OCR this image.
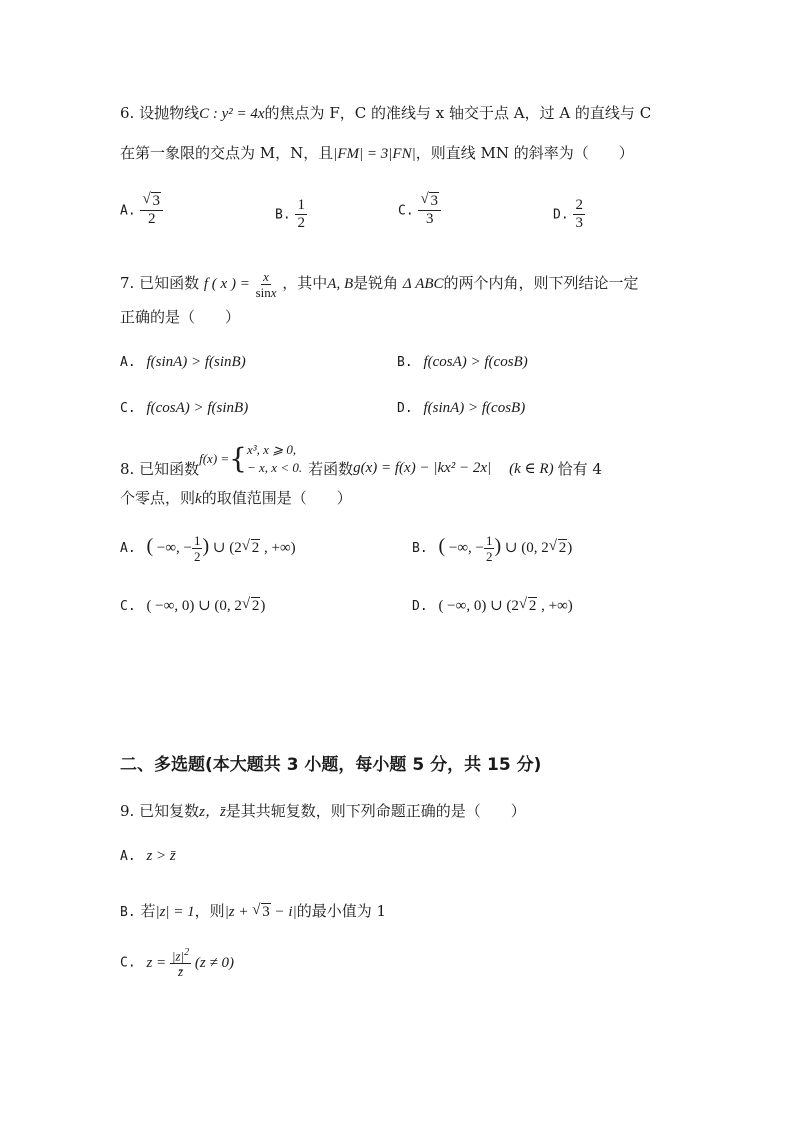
6. 设抛物线C : y² = 4x的焦点为 F，C 的准线与 x 轴交于点 A，过 A 的直线与 C
在第一象限的交点为 M，N，且|FM| = 3|FN|，则直线 MN 的斜率为（　　）
A. $\frac{√ 3}{2}$	B. $\frac{1}{2}$	C. $\frac{√ 3}{3}$	D. $\frac{2}{3}$
7. 已知函数 f ( x ) = $\frac{x}{\sin x}$ ，其中A, B是锐角 Δ ABC的两个内角，则下列结论一定
正确的是（　　）
A. f(sinA) > f(sinB)	B. f(cosA) > f(cosB)
C. f(cosA) > f(sinB)	D. f(sinA) > f(cosB)
8.
已知函数
f(x) = { x³, x ⩾ 0,
− x, x < 0. 若函数 g(x) = f(x) − |kx² − 2x| (k ∈ R) 恰有 4
个零点，则k的取值范围是（　　）
A. ( −∞, − $\frac{1}{2}$ ) ∪ (2 √ 2 , +∞)	B. ( −∞, − $\frac{1}{2}$ ) ∪ (0, 2 √ 2)
C. ( −∞, 0) ∪ (0, 2 √ 2)	D. ( −∞, 0) ∪ (2 √ 2 , +∞)
二、多选题(本大题共 3 小题，每小题 5 分，共 15 分)
9. 已知复数z，z̄是其共轭复数，则下列命题正确的是（　　）
A. z > z̄
B. 若|z| = 1，则|z + √ 3 − i|的最小值为 1
C. $z = \frac{|z|^2}{z̄} (z \ne 0)$
